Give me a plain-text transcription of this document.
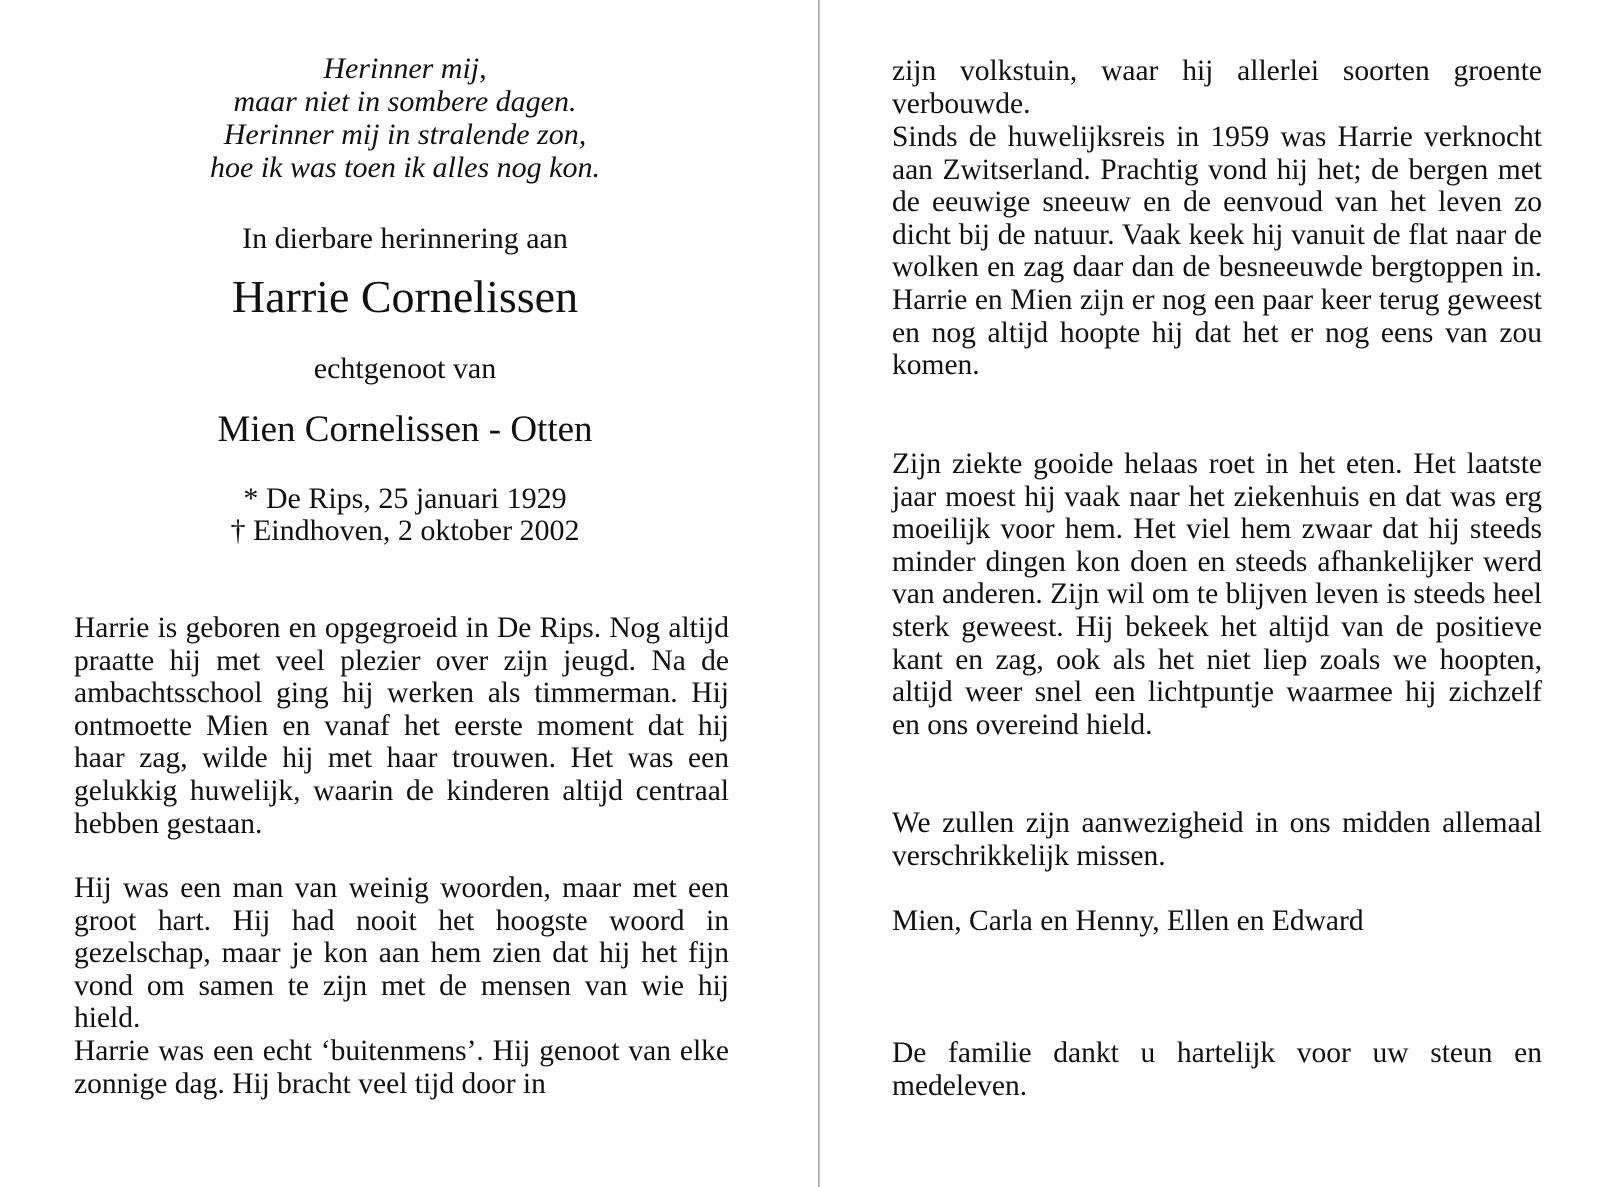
Herinner mij,
maar niet in sombere dagen.
Herinner mij in stralende zon,
hoe ik was toen ik alles nog kon.
In dierbare herinnering aan
Harrie Cornelissen
echtgenoot van
Mien Cornelissen - Otten
* De Rips, 25 januari 1929
† Eindhoven, 2 oktober 2002

Harrie is geboren en opgegroeid in De Rips. Nog altijd praatte hij met veel plezier over zijn jeugd. Na de ambachtsschool ging hij werken als timmerman. Hij ontmoette Mien en vanaf het eerste moment dat hij haar zag, wilde hij met haar trouwen. Het was een gelukkig huwelijk, waarin de kinderen altijd centraal hebben gestaan.

Hij was een man van weinig woorden, maar met een groot hart. Hij had nooit het hoogste woord in gezelschap, maar je kon aan hem zien dat hij het fijn vond om samen te zijn met de mensen van wie hij hield.

Harrie was een echt ‘buitenmens’. Hij genoot van elke zonnige dag. Hij bracht veel tijd door in

zijn volkstuin, waar hij allerlei soorten groente verbouwde.

Sinds de huwelijksreis in 1959 was Harrie verknocht aan Zwitserland. Prachtig vond hij het; de bergen met de eeuwige sneeuw en de eenvoud van het leven zo dicht bij de natuur. Vaak keek hij vanuit de flat naar de wolken en zag daar dan de besneeuwde bergtoppen in. Harrie en Mien zijn er nog een paar keer terug geweest en nog altijd hoopte hij dat het er nog eens van zou komen.

Zijn ziekte gooide helaas roet in het eten. Het laatste jaar moest hij vaak naar het ziekenhuis en dat was erg moeilijk voor hem. Het viel hem zwaar dat hij steeds minder dingen kon doen en steeds afhankelijker werd van anderen. Zijn wil om te blijven leven is steeds heel sterk geweest. Hij bekeek het altijd van de positieve kant en zag, ook als het niet liep zoals we hoopten, altijd weer snel een lichtpuntje waarmee hij zichzelf en ons overeind hield.

We zullen zijn aanwezigheid in ons midden allemaal verschrikkelijk missen.

Mien, Carla en Henny, Ellen en Edward

De familie dankt u hartelijk voor uw steun en medeleven.
